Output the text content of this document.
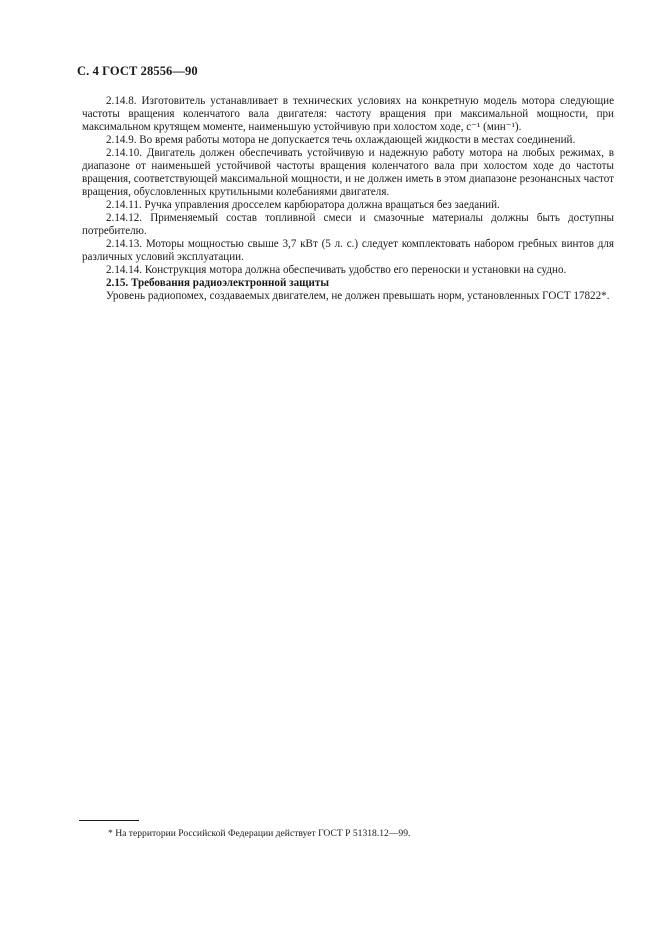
С. 4 ГОСТ 28556—90

2.14.8. Изготовитель устанавливает в технических условиях на конкретную модель мотора следующие частоты вращения коленчатого вала двигателя: частоту вращения при максимальной мощности, при максимальном крутящем моменте, наименьшую устойчивую при холостом ходе, с⁻¹ (мин⁻¹).

2.14.9. Во время работы мотора не допускается течь охлаждающей жидкости в местах соединений.

2.14.10. Двигатель должен обеспечивать устойчивую и надежную работу мотора на любых режимах, в диапазоне от наименьшей устойчивой частоты вращения коленчатого вала при холостом ходе до частоты вращения, соответствующей максимальной мощности, и не должен иметь в этом диапазоне резонансных частот вращения, обусловленных крутильными колебаниями двигателя.

2.14.11. Ручка управления дросселем карбюратора должна вращаться без заеданий.

2.14.12. Применяемый состав топливной смеси и смазочные материалы должны быть доступны потребителю.

2.14.13. Моторы мощностью свыше 3,7 кВт (5 л. с.) следует комплектовать набором гребных винтов для различных условий эксплуатации.

2.14.14. Конструкция мотора должна обеспечивать удобство его переноски и установки на судно.

2.15. Требования радиоэлектронной защиты

Уровень радиопомех, создаваемых двигателем, не должен превышать норм, установленных ГОСТ 17822*.

* На территории Российской Федерации действует ГОСТ Р 51318.12—99.
